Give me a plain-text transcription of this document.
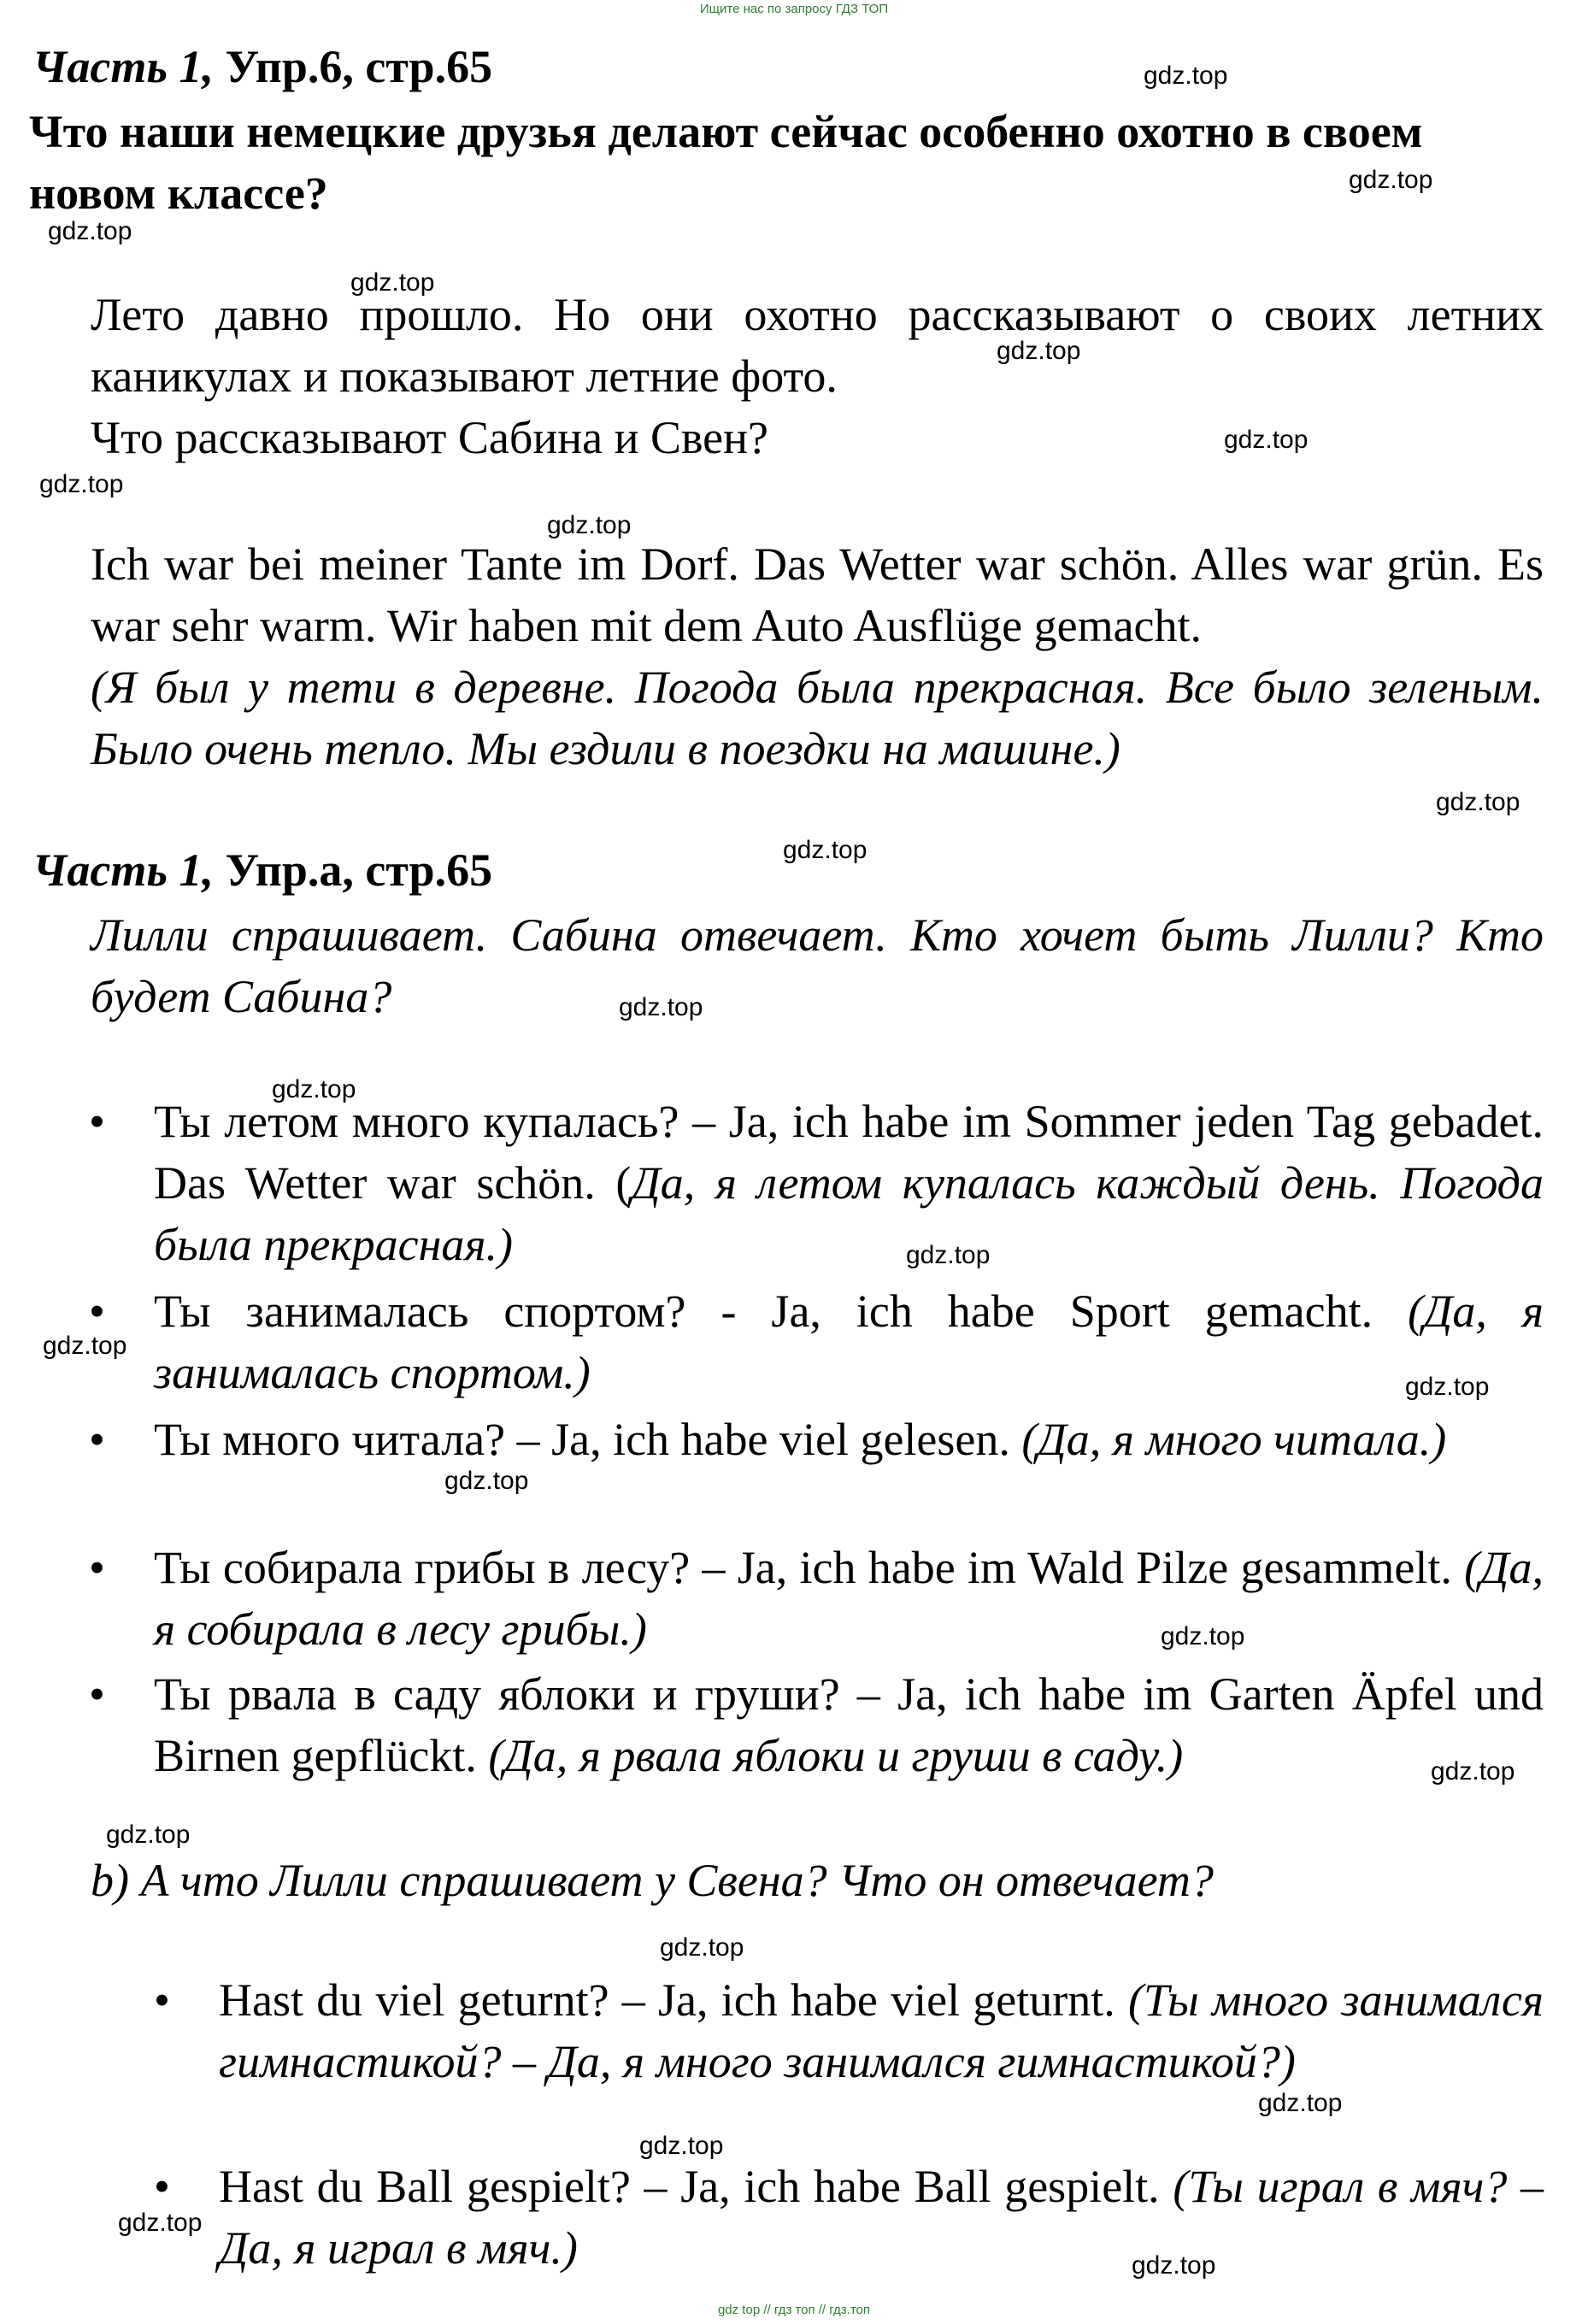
Ищите нас по запросу ГДЗ ТОП
gdz top // гдз топ // гдз.топ
Часть 1, Упр.6, стр.65
Что наши немецкие друзья делают сейчас особенно охотно в своем новом классе?
Лето давно прошло. Но они охотно рассказывают о своих летних каникулах и показывают летние фото.
Что рассказывают Сабина и Свен?
Ich war bei meiner Tante im Dorf. Das Wetter war schön. Alles war grün. Es war sehr warm. Wir haben mit dem Auto Ausflüge gemacht.
(Я был у тети в деревне. Погода была прекрасная. Все было зеленым. Было очень тепло. Мы ездили в поездки на машине.)
Часть 1, Упр.а, стр.65
Лилли спрашивает. Сабина отвечает. Кто хочет быть Лилли? Кто будет Сабина?
• Ты летом много купалась? – Ja, ich habe im Sommer jeden Tag gebadet. Das Wetter war schön. (Да, я летом купалась каждый день. Погода была прекрасная.)
• Ты занималась спортом? - Ja, ich habe Sport gemacht. (Да, я занималась спортом.)
• Ты много читала? – Ja, ich habe viel gelesen. (Да, я много читала.)
• Ты собирала грибы в лесу? – Ja, ich habe im Wald Pilze gesammelt. (Да, я собирала в лесу грибы.)
• Ты рвала в саду яблоки и груши? – Ja, ich habe im Garten Äpfel und Birnen gepflückt. (Да, я рвала яблоки и груши в саду.)
b) А что Лилли спрашивает у Свена? Что он отвечает?
• Hast du viel geturnt? – Ja, ich habe viel geturnt. (Ты много занимался гимнастикой? – Да, я много занимался гимнастикой?)
• Hast du Ball gespielt? – Ja, ich habe Ball gespielt. (Ты играл в мяч? – Да, я играл в мяч.)
gdz.top
gdz.top
gdz.top
gdz.top
gdz.top
gdz.top
gdz.top
gdz.top
gdz.top
gdz.top
gdz.top
gdz.top
gdz.top
gdz.top
gdz.top
gdz.top
gdz.top
gdz.top
gdz.top
gdz.top
gdz.top
gdz.top
gdz.top
gdz.top
